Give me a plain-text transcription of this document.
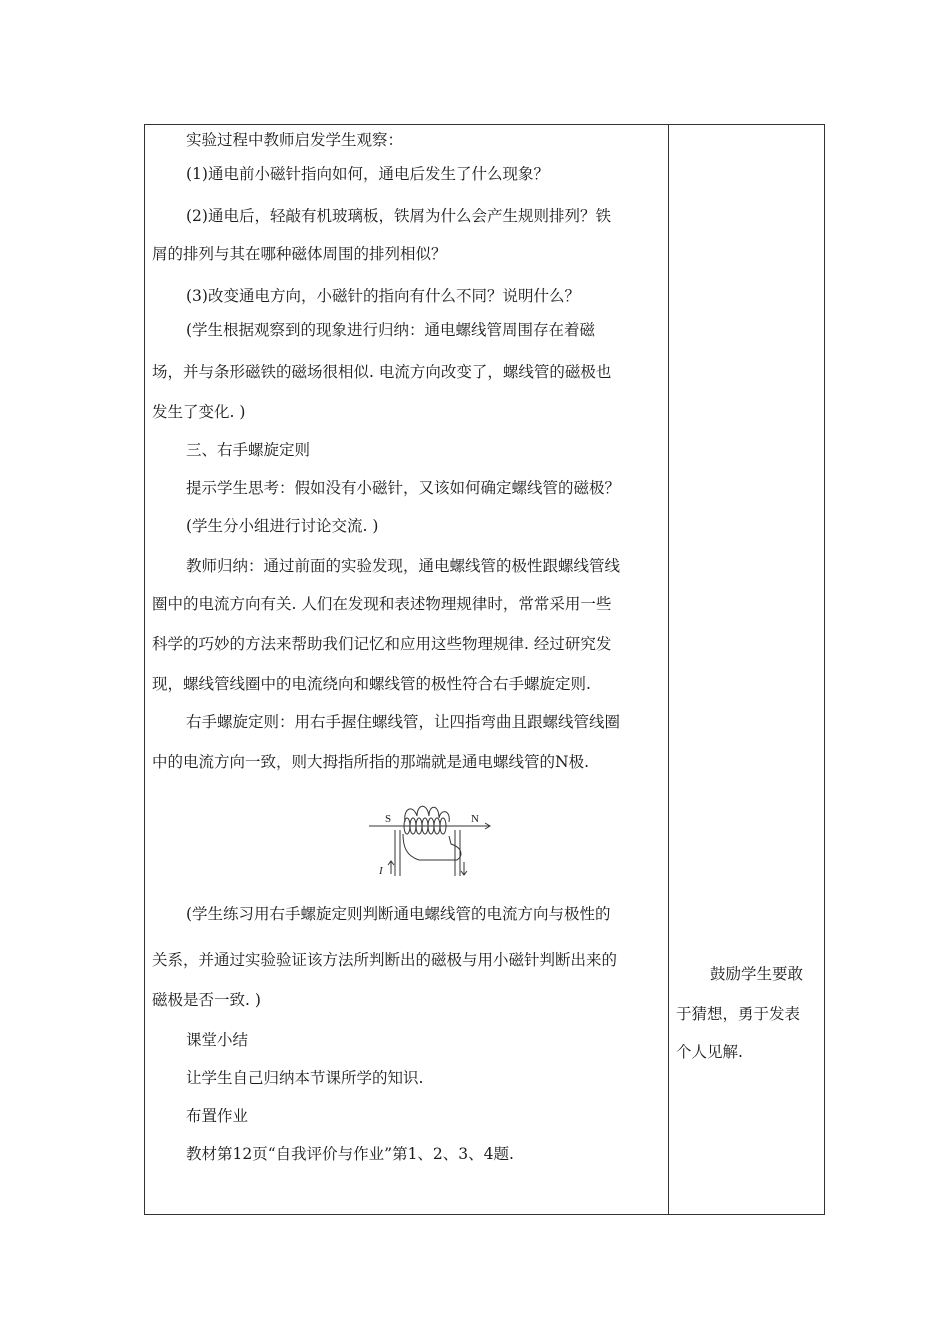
实验过程中教师启发学生观察：
(1)通电前小磁针指向如何，通电后发生了什么现象？
(2)通电后，轻敲有机玻璃板，铁屑为什么会产生规则排列？铁
屑的排列与其在哪种磁体周围的排列相似？
(3)改变通电方向，小磁针的指向有什么不同？说明什么？
(学生根据观察到的现象进行归纳：通电螺线管周围存在着磁
场，并与条形磁铁的磁场很相似. 电流方向改变了，螺线管的磁极也
发生了变化. )
三、右手螺旋定则
提示学生思考：假如没有小磁针，又该如何确定螺线管的磁极？
(学生分小组进行讨论交流. )
教师归纳：通过前面的实验发现，通电螺线管的极性跟螺线管线
圈中的电流方向有关. 人们在发现和表述物理规律时，常常采用一些
科学的巧妙的方法来帮助我们记忆和应用这些物理规律. 经过研究发
现，螺线管线圈中的电流绕向和螺线管的极性符合右手螺旋定则.
右手螺旋定则：用右手握住螺线管，让四指弯曲且跟螺线管线圈
中的电流方向一致，则大拇指所指的那端就是通电螺线管的N极.
S	N
I
(学生练习用右手螺旋定则判断通电螺线管的电流方向与极性的
关系，并通过实验验证该方法所判断出的磁极与用小磁针判断出来的
磁极是否一致. )
课堂小结
让学生自己归纳本节课所学的知识.
布置作业
教材第12页“自我评价与作业”第1、2、3、4题.
鼓励学生要敢
于猜想，勇于发表
个人见解.
